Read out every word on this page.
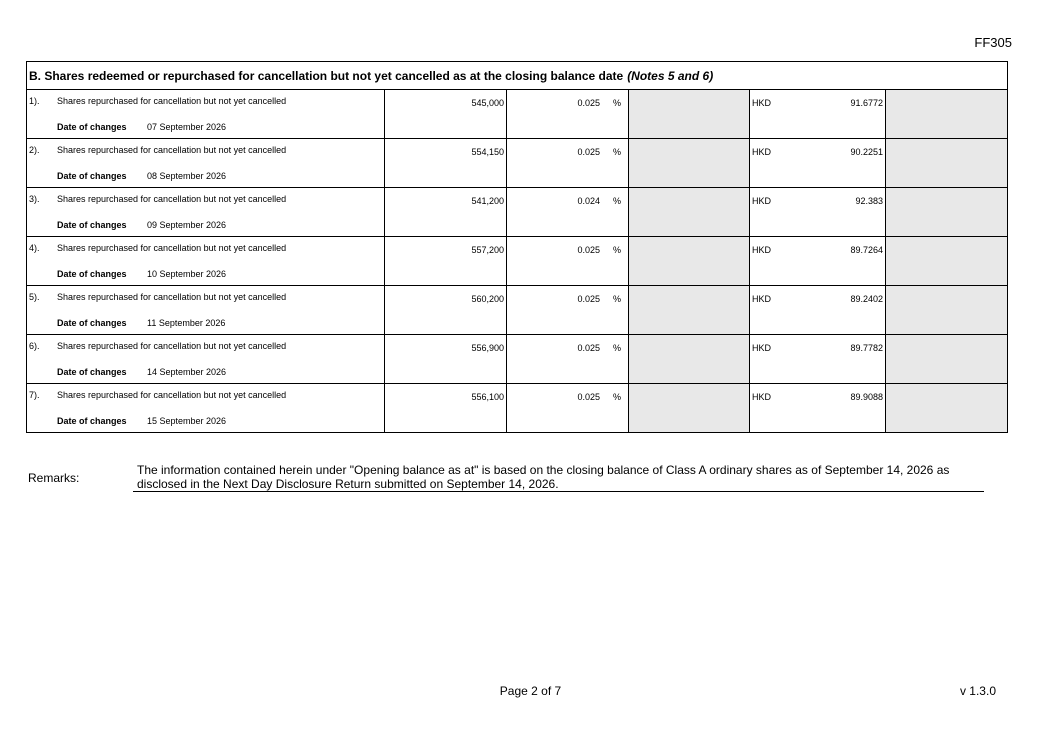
FF305
B. Shares redeemed or repurchased for cancellation but not yet cancelled as at the closing balance date (Notes 5 and 6)
1). Shares repurchased for cancellation but not yet cancelled
Date of changes 07 September 2026
545,000	0.025 %	HKD	91.6772
2). Shares repurchased for cancellation but not yet cancelled
Date of changes 08 September 2026
554,150	0.025 %	HKD	90.2251
3). Shares repurchased for cancellation but not yet cancelled
Date of changes 09 September 2026
541,200	0.024 %	HKD	92.383
4). Shares repurchased for cancellation but not yet cancelled
Date of changes 10 September 2026
557,200	0.025 %	HKD	89.7264
5). Shares repurchased for cancellation but not yet cancelled
Date of changes 11 September 2026
560,200	0.025 %	HKD	89.2402
6). Shares repurchased for cancellation but not yet cancelled
Date of changes 14 September 2026
556,900	0.025 %	HKD	89.7782
7). Shares repurchased for cancellation but not yet cancelled
Date of changes 15 September 2026
556,100	0.025 %	HKD	89.9088
Remarks:
The information contained herein under "Opening balance as at" is based on the closing balance of Class A ordinary shares as of September 14, 2026 as disclosed in the Next Day Disclosure Return submitted on September 14, 2026.
Page 2 of 7	v 1.3.0
